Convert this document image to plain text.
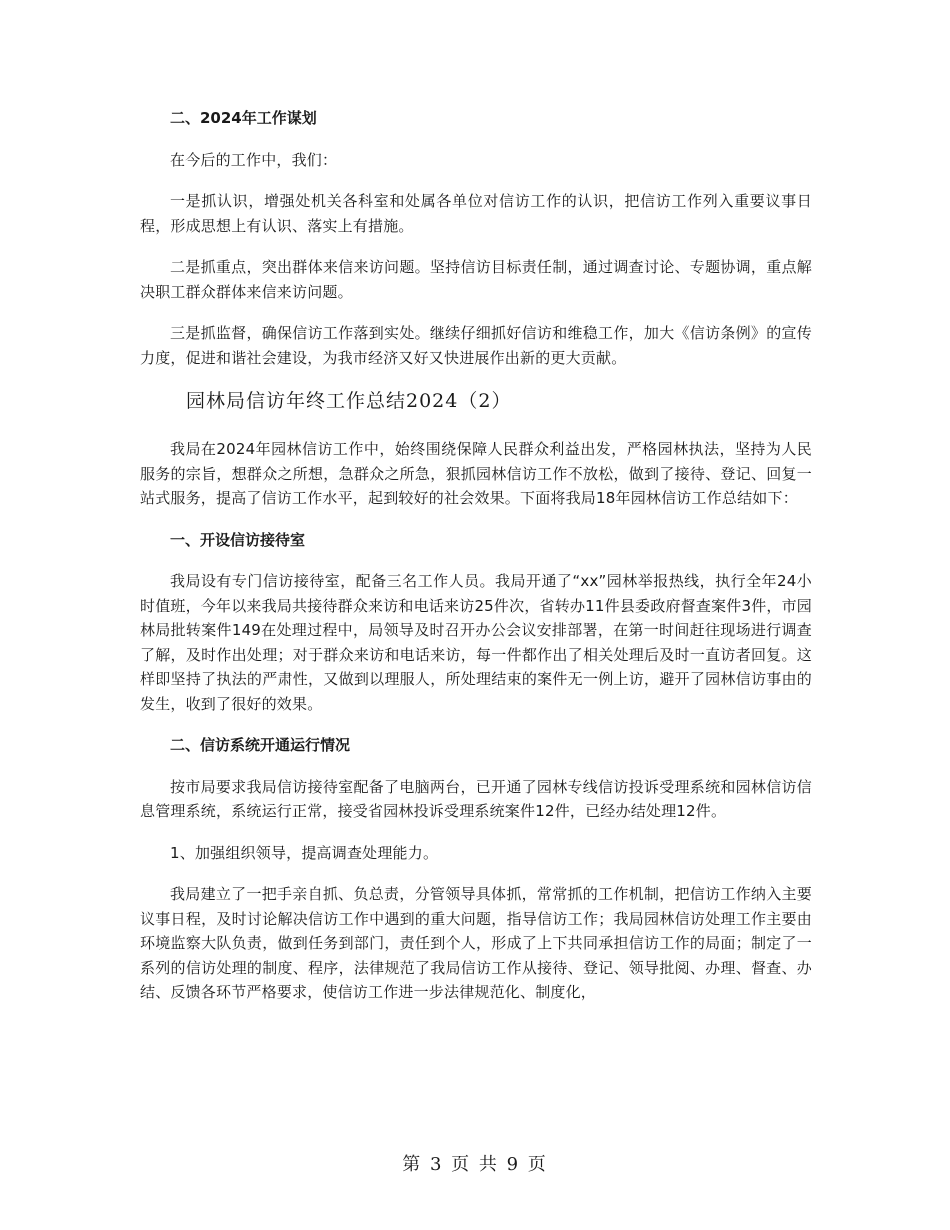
二、2024年工作谋划
在今后的工作中，我们：
一是抓认识，增强处机关各科室和处属各单位对信访工作的认识，把信访工作列入重要议事日程，形成思想上有认识、落实上有措施。
二是抓重点，突出群体来信来访问题。坚持信访目标责任制，通过调查讨论、专题协调，重点解决职工群众群体来信来访问题。
三是抓监督，确保信访工作落到实处。继续仔细抓好信访和维稳工作，加大《信访条例》的宣传力度，促进和谐社会建设，为我市经济又好又快进展作出新的更大贡献。
园林局信访年终工作总结2024（2）
我局在2024年园林信访工作中，始终围绕保障人民群众利益出发，严格园林执法，坚持为人民服务的宗旨，想群众之所想，急群众之所急，狠抓园林信访工作不放松，做到了接待、登记、回复一站式服务，提高了信访工作水平，起到较好的社会效果。下面将我局18年园林信访工作总结如下：
一、开设信访接待室
我局设有专门信访接待室，配备三名工作人员。我局开通了“xx”园林举报热线，执行全年24小时值班，今年以来我局共接待群众来访和电话来访25件次，省转办11件县委政府督查案件3件，市园林局批转案件149在处理过程中，局领导及时召开办公会议安排部署，在第一时间赶往现场进行调查了解，及时作出处理；对于群众来访和电话来访，每一件都作出了相关处理后及时一直访者回复。这样即坚持了执法的严肃性，又做到以理服人，所处理结束的案件无一例上访，避开了园林信访事由的发生，收到了很好的效果。
二、信访系统开通运行情况
按市局要求我局信访接待室配备了电脑两台，已开通了园林专线信访投诉受理系统和园林信访信息管理系统，系统运行正常，接受省园林投诉受理系统案件12件，已经办结处理12件。
1、加强组织领导，提高调查处理能力。
我局建立了一把手亲自抓、负总责，分管领导具体抓，常常抓的工作机制，把信访工作纳入主要议事日程，及时讨论解决信访工作中遇到的重大问题，指导信访工作；我局园林信访处理工作主要由环境监察大队负责，做到任务到部门，责任到个人，形成了上下共同承担信访工作的局面；制定了一系列的信访处理的制度、程序，法律规范了我局信访工作从接待、登记、领导批阅、办理、督查、办结、反馈各环节严格要求，使信访工作进一步法律规范化、制度化，
第 3 页 共 9 页
